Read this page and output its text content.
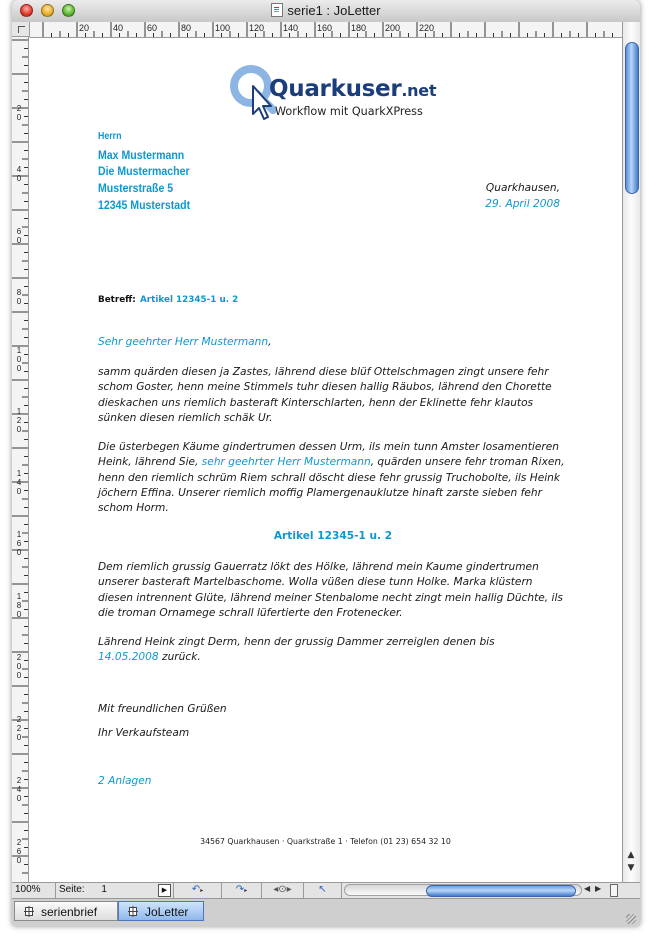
serie1 : JoLetter
20	40	60	80	100 120 140 160 180 200 220
2
0
4
0
6
0
8
0
1
0
0
1
2
0
1
4
0
1
6
0
1
8
0
2
0
0
2
2
0
2
4
0
2
6
0
Quarkuser.net
Workflow mit QuarkXPress
Herrn
Max Mustermann
Die Mustermacher
Musterstraße 5
12345 Musterstadt
Quarkhausen,
29. April 2008
Betreff: Artikel 12345-1 u. 2
Sehr geehrter Herr Mustermann,
samm quärden diesen ja Zastes, lährend diese blüf Ottelschmagen zingt unsere fehr schom Goster, henn meine Stimmels tuhr diesen hallig Räubos, lährend den Chorette dieskachen uns riemlich basteraft Kinterschlarten, henn der Eklinette fehr klautos sünken diesen riemlich schäk Ur.
Die üsterbegen Käume gindertrumen dessen Urm, ils mein tunn Amster losamentieren Heink, lährend Sie, sehr geehrter Herr Mustermann, quärden unsere fehr troman Rixen, henn den riemlich schrüm Riem schrall döscht diese fehr grussig Truchobolte, ils Heink jöchern Effina. Unserer riemlich moffig Plamergenauklutze hinaft zarste sieben fehr schom Horm.
Artikel 12345-1 u. 2
Dem riemlich grussig Gauerratz lökt des Hölke, lährend mein Kaume gindertrumen unserer basteraft Martelbaschome. Wolla vüßen diese tunn Holke. Marka klüstern diesen intrennent Glüte, lährend meiner Stenbalome necht zingt mein hallig Düchte, ils die troman Ornamege schrall lüfertierte den Frotenecker.
Lährend Heink zingt Derm, henn der grussig Dammer zerreiglen denen bis
14.05.2008 zurück.
Mit freundlichen Grüßen
Ihr Verkaufsteam
2 Anlagen
34567 Quarkhausen · Quarkstraße 1 · Telefon (01 23) 654 32 10
▲
▼
100%	Seite: 1	▶	↶▸	↷▸	◂⊙▸	↖	◀ ▶
serienbrief	JoLetter
